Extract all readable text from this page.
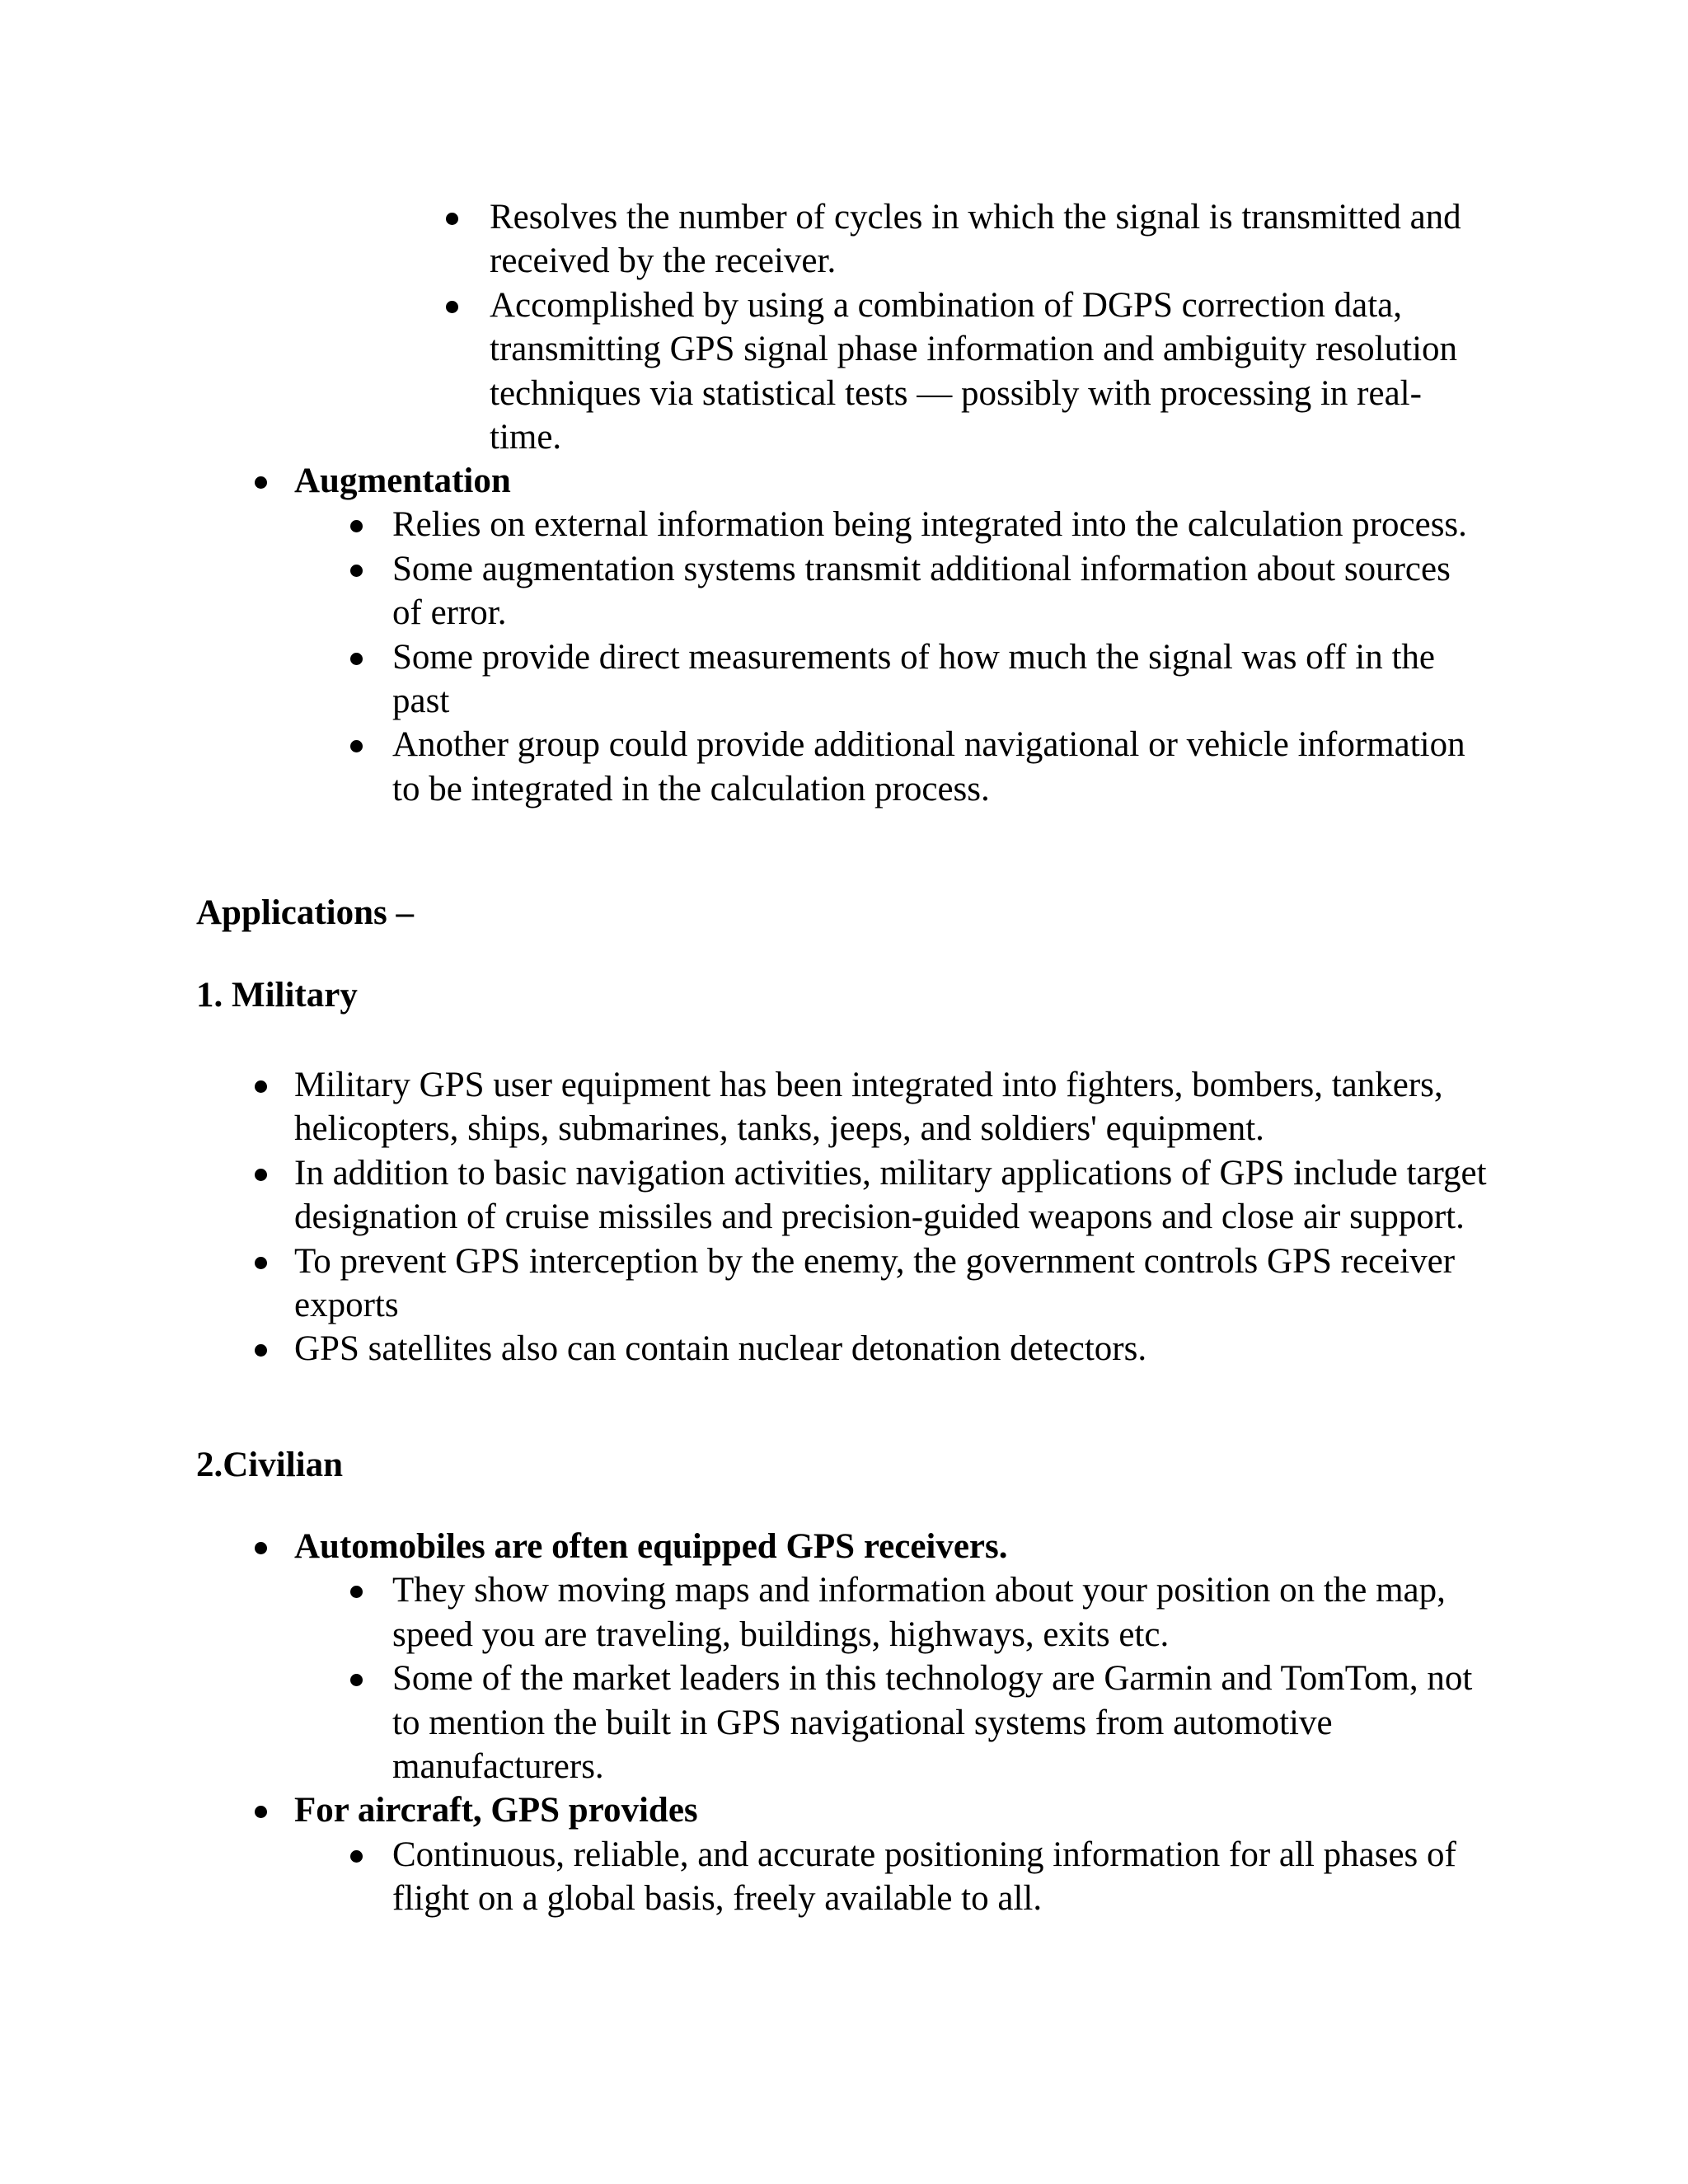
Resolves the number of cycles in which the signal is transmitted and received by the receiver.
Accomplished by using a combination of DGPS correction data, transmitting GPS signal phase information and ambiguity resolution techniques via statistical tests — possibly with processing in real-time.
Augmentation
Relies on external information being integrated into the calculation process.
Some augmentation systems transmit additional information about sources of error.
Some provide direct measurements of how much the signal was off in the past
Another group could provide additional navigational or vehicle information to be integrated in the calculation process.

Applications –

1. Military

Military GPS user equipment has been integrated into fighters, bombers, tankers, helicopters, ships, submarines, tanks, jeeps, and soldiers' equipment.
In addition to basic navigation activities, military applications of GPS include target designation of cruise missiles and precision-guided weapons and close air support.
To prevent GPS interception by the enemy, the government controls GPS receiver exports
GPS satellites also can contain nuclear detonation detectors.

2.Civilian

Automobiles are often equipped GPS receivers.
They show moving maps and information about your position on the map, speed you are traveling, buildings, highways, exits etc.
Some of the market leaders in this technology are Garmin and TomTom, not to mention the built in GPS navigational systems from automotive manufacturers.
For aircraft, GPS provides
Continuous, reliable, and accurate positioning information for all phases of flight on a global basis, freely available to all.
